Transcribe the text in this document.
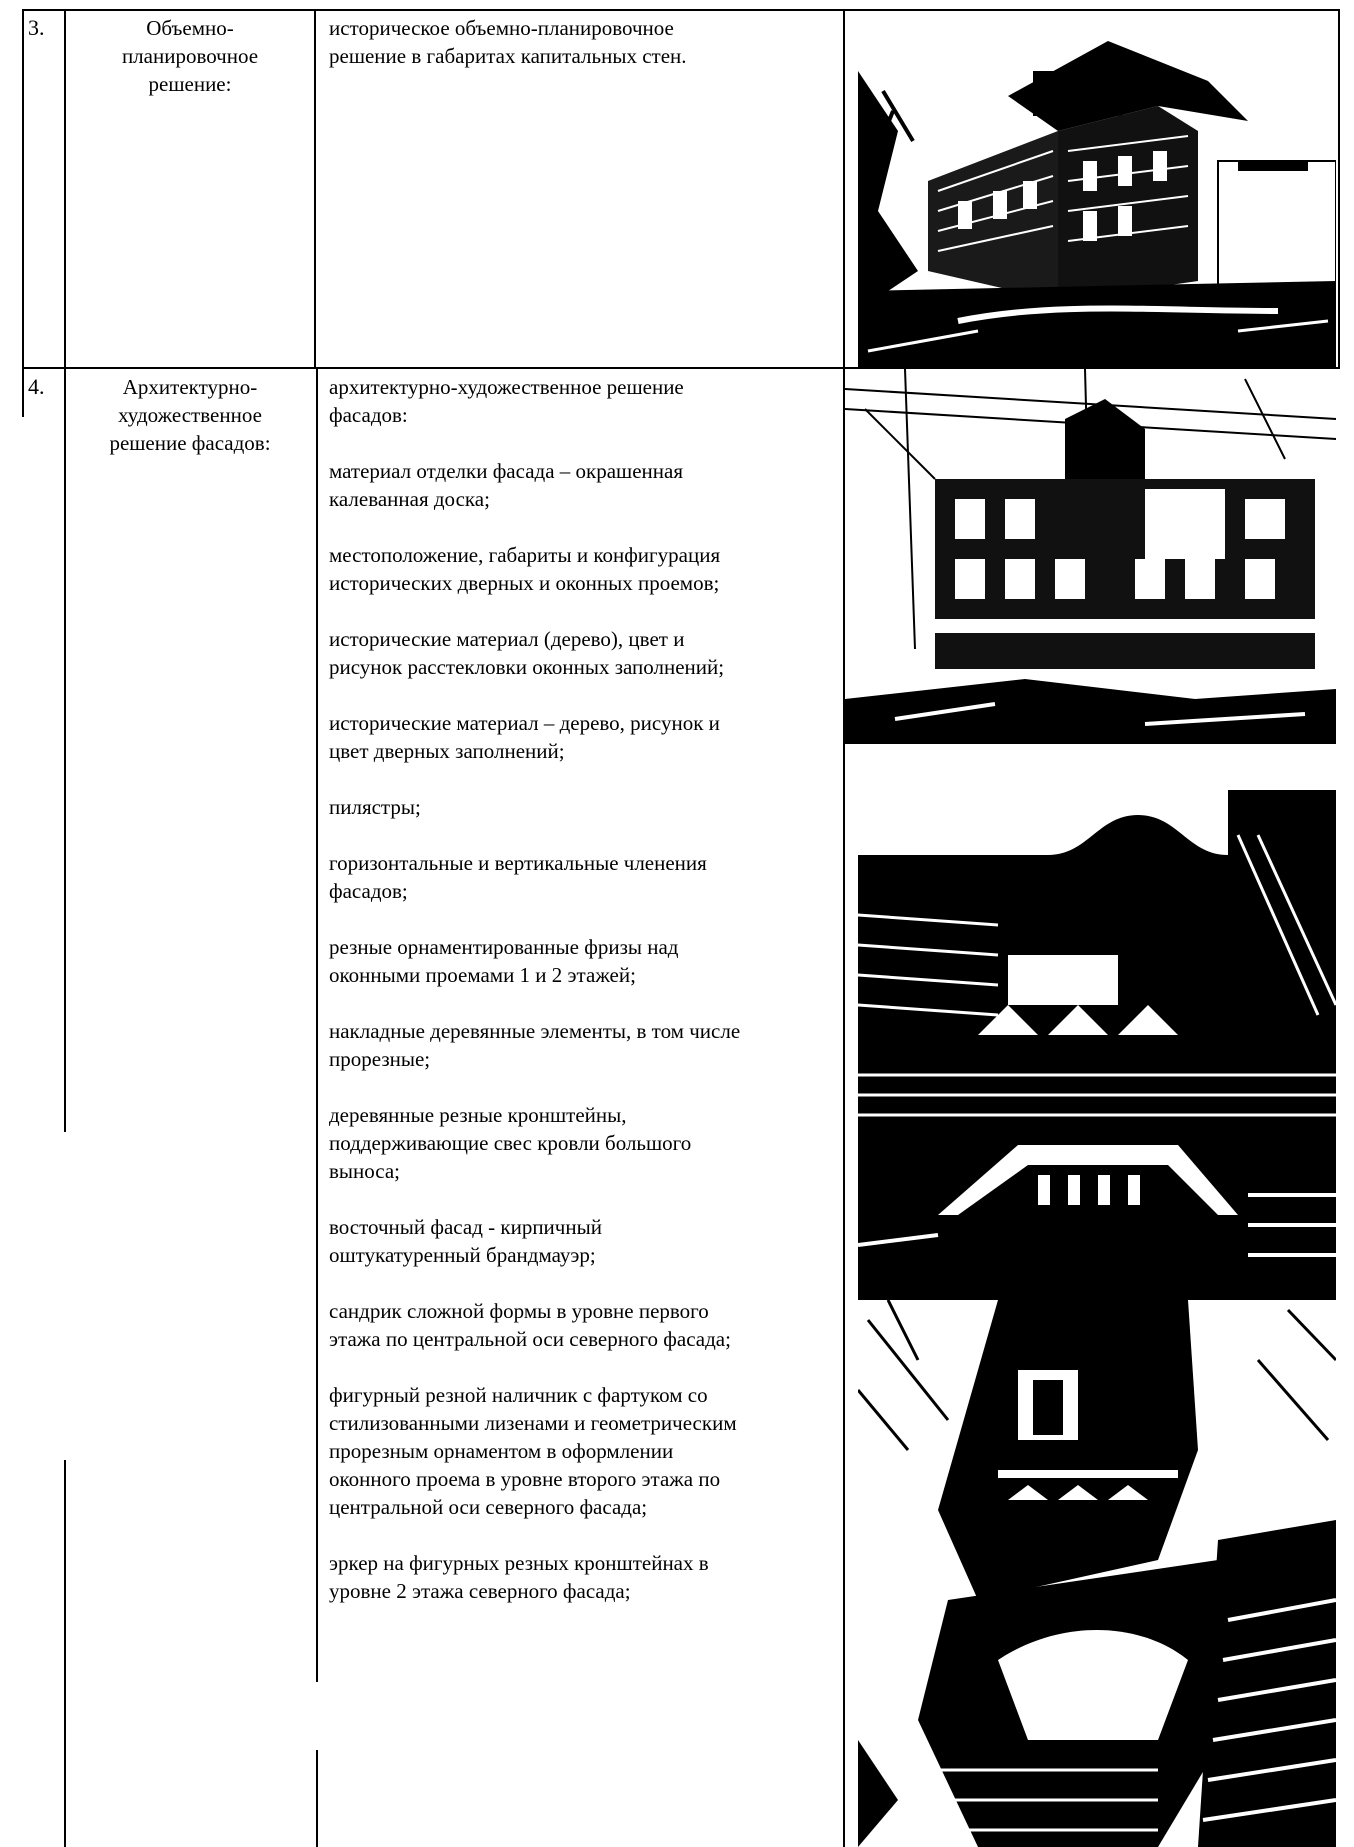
3.	Объемно-
планировочное
решение:
историческое объемно-планировочное
решение в габаритах капитальных стен.
4.	Архитектурно-
художественное
решение фасадов:
архитектурно-художественное решение
фасадов:
материал отделки фасада – окрашенная
калеванная доска;
местоположение, габариты и конфигурация
исторических дверных и оконных проемов;
исторические материал (дерево), цвет и
рисунок расстекловки оконных заполнений;
исторические материал – дерево, рисунок и
цвет дверных заполнений;
пилястры;
горизонтальные и вертикальные членения
фасадов;
резные орнаментированные фризы над
оконными проемами 1 и 2 этажей;
накладные деревянные элементы, в том числе
прорезные;
деревянные резные кронштейны,
поддерживающие свес кровли большого
выноса;
восточный фасад - кирпичный
оштукатуренный брандмауэр;
сандрик сложной формы в уровне первого
этажа по центральной оси северного фасада;
фигурный резной наличник с фартуком со
стилизованными лизенами и геометрическим
прорезным орнаментом в оформлении
оконного проема в уровне второго этажа по
центральной оси северного фасада;
эркер на фигурных резных кронштейнах в
уровне 2 этажа северного фасада;
